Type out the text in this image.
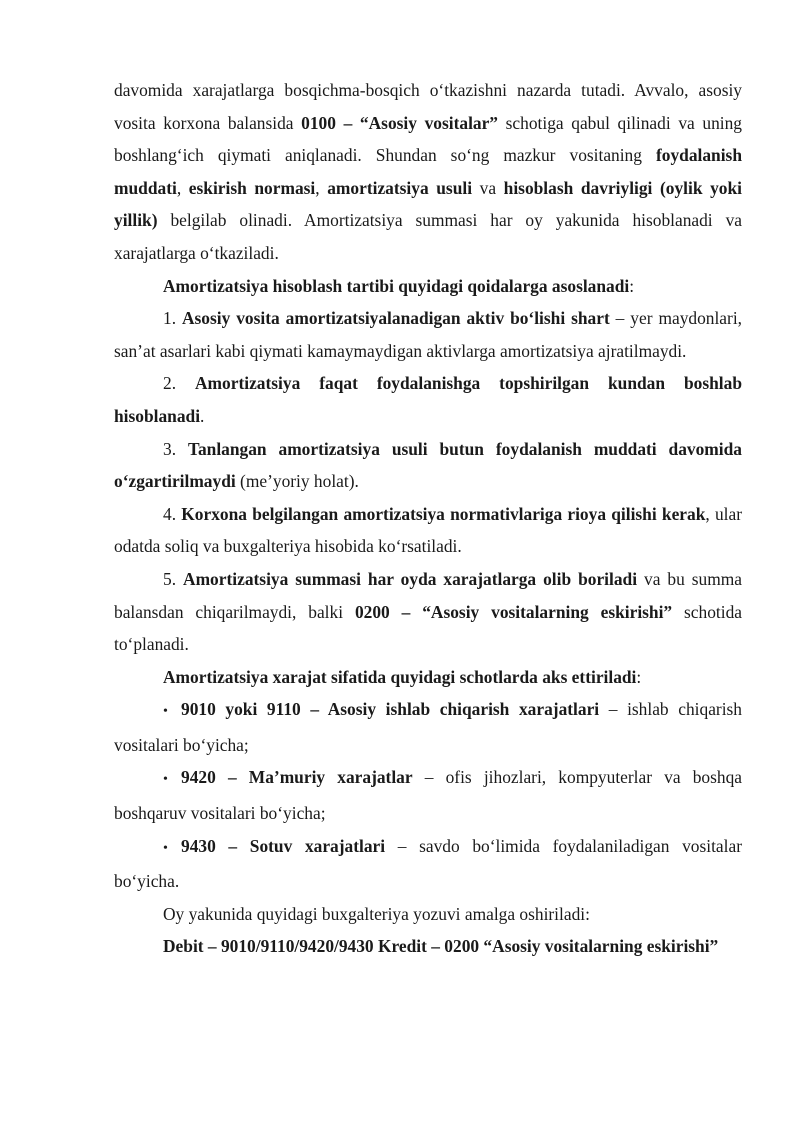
davomida xarajatlarga bosqichma-bosqich o‘tkazishni nazarda tutadi. Avvalo, asosiy vosita korxona balansida 0100 – “Asosiy vositalar” schotiga qabul qilinadi va uning boshlang‘ich qiymati aniqlanadi. Shundan so‘ng mazkur vositaning foydalanish muddati, eskirish normasi, amortizatsiya usuli va hisoblash davriyligi (oylik yoki yillik) belgilab olinadi. Amortizatsiya summasi har oy yakunida hisoblanadi va xarajatlarga o‘tkaziladi.

Amortizatsiya hisoblash tartibi quyidagi qoidalarga asoslanadi:

1. Asosiy vosita amortizatsiyalanadigan aktiv bo‘lishi shart – yer maydonlari, san’at asarlari kabi qiymati kamaymaydigan aktivlarga amortizatsiya ajratilmaydi.

2. Amortizatsiya faqat foydalanishga topshirilgan kundan boshlab hisoblanadi.

3. Tanlangan amortizatsiya usuli butun foydalanish muddati davomida o‘zgartirilmaydi (me’yoriy holat).

4. Korxona belgilangan amortizatsiya normativlariga rioya qilishi kerak, ular odatda soliq va buxgalteriya hisobida ko‘rsatiladi.

5. Amortizatsiya summasi har oyda xarajatlarga olib boriladi va bu summa balansdan chiqarilmaydi, balki 0200 – “Asosiy vositalarning eskirishi” schotida to‘planadi.

Amortizatsiya xarajat sifatida quyidagi schotlarda aks ettiriladi:

• 9010 yoki 9110 – Asosiy ishlab chiqarish xarajatlari – ishlab chiqarish vositalari bo‘yicha;

• 9420 – Ma’muriy xarajatlar – ofis jihozlari, kompyuterlar va boshqa boshqaruv vositalari bo‘yicha;

• 9430 – Sotuv xarajatlari – savdo bo‘limida foydalaniladigan vositalar bo‘yicha.

Oy yakunida quyidagi buxgalteriya yozuvi amalga oshiriladi:

Debit – 9010/9110/9420/9430 Kredit – 0200 “Asosiy vositalarning eskirishi”
